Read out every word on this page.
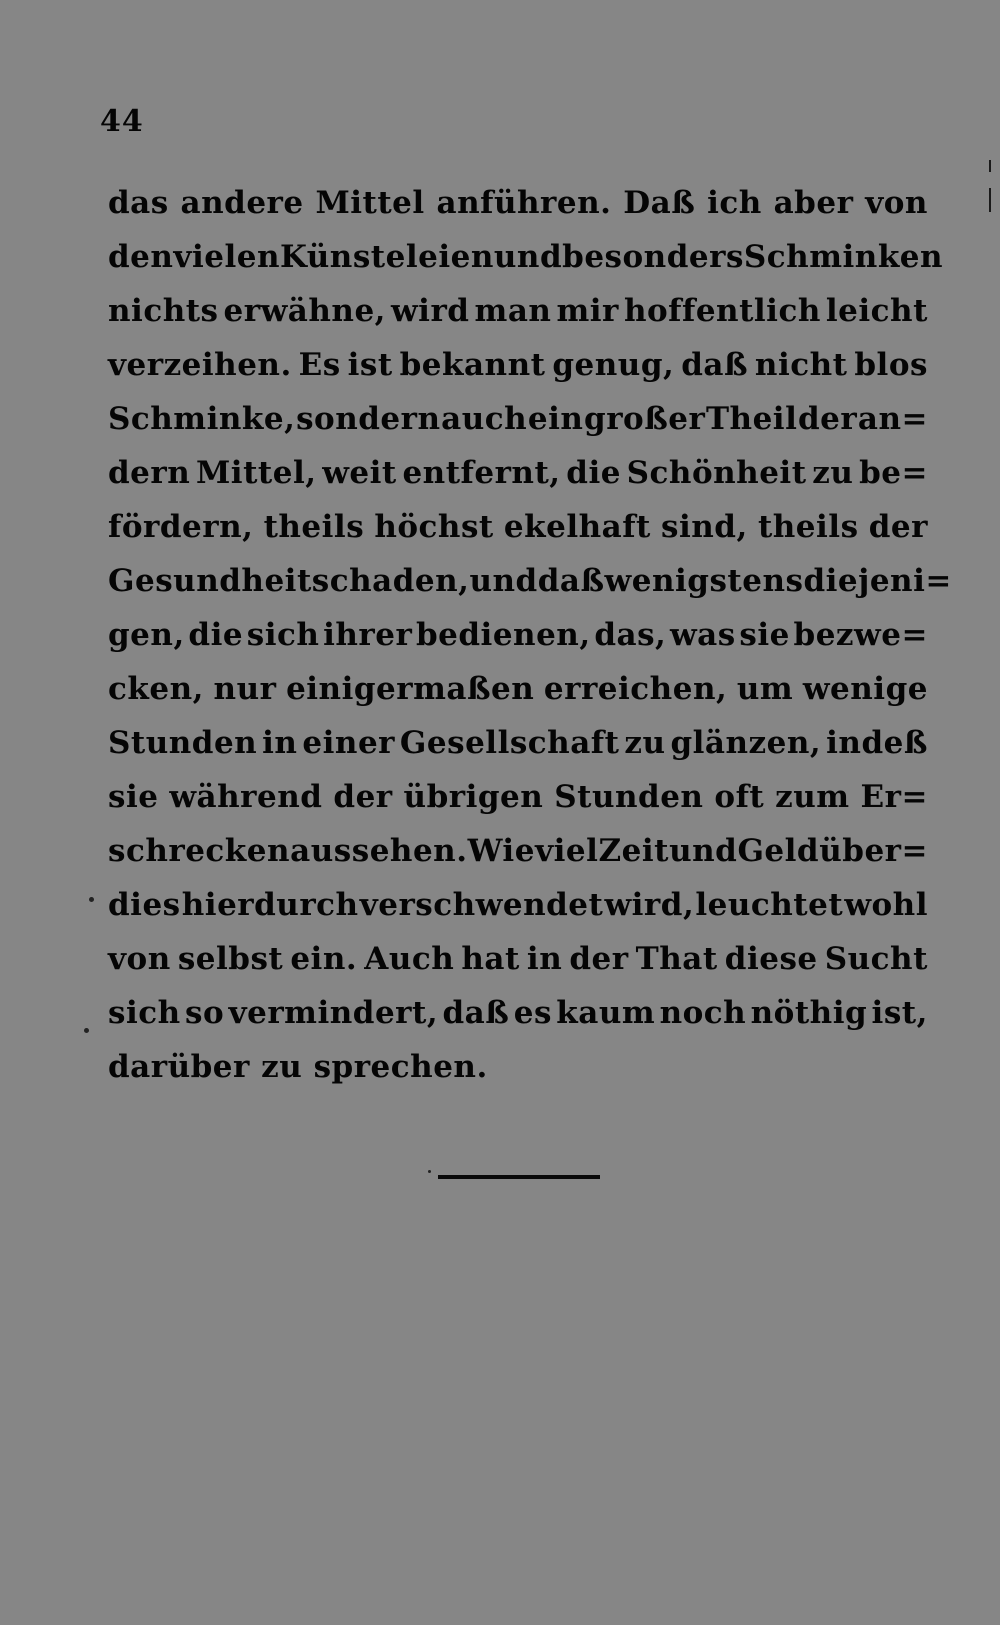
44
das andere Mittel anführen. Daß ich aber von
den vielen Künsteleien und besonders Schminken
nichts erwähne, wird man mir hoffentlich leicht
verzeihen. Es ist bekannt genug, daß nicht blos
Schminke, sondern auch ein großer Theil der an=
dern Mittel, weit entfernt, die Schönheit zu be=
fördern, theils höchst ekelhaft sind, theils der
Gesundheit schaden, und daß wenigstens diejeni=
gen, die sich ihrer bedienen, das, was sie bezwe=
cken, nur einigermaßen erreichen, um wenige
Stunden in einer Gesellschaft zu glänzen, indeß
sie während der übrigen Stunden oft zum Er=
schrecken aussehen. Wie viel Zeit und Geld über=
dies hierdurch verschwendet wird, leuchtet wohl
von selbst ein. Auch hat in der That diese Sucht
sich so vermindert, daß es kaum noch nöthig ist,
darüber zu sprechen.
